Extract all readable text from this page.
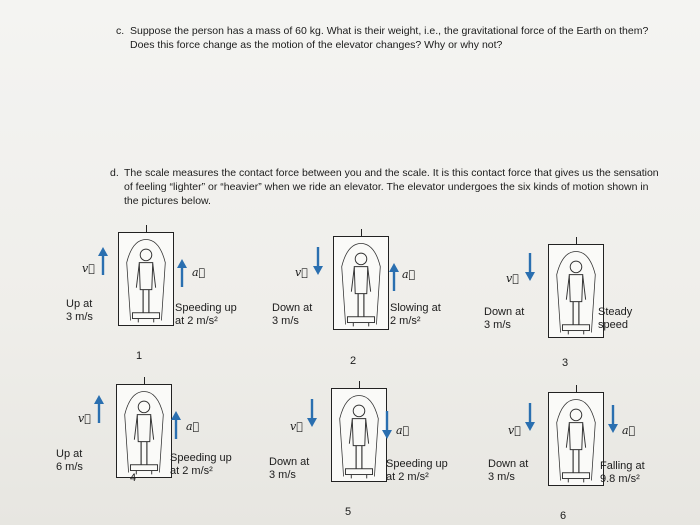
c. Suppose the person has a mass of 60 kg. What is their weight, i.e., the gravitational force of the Earth on them? Does this force change as the motion of the elevator changes? Why or why not?
d. The scale measures the contact force between you and the scale. It is this contact force that gives us the sensation of feeling “lighter” or “heavier” when we ride an elevator. The elevator undergoes the six kinds of motion shown in the pictures below.
Up at
3 m/s
Speeding up
at 2 m/s²
v⃗	a⃗
1
Down at
3 m/s
Slowing at
2 m/s²
v⃗	a⃗
2
Down at
3 m/s
Steady
speed
v⃗
3
Up at
6 m/s
Speeding up
at 2 m/s²
v⃗
a⃗
4
Down at
3 m/s
Speeding up
at 2 m/s²
v⃗	a⃗
5
Down at
3 m/s
Falling at
9.8 m/s²
v⃗	a⃗
6
